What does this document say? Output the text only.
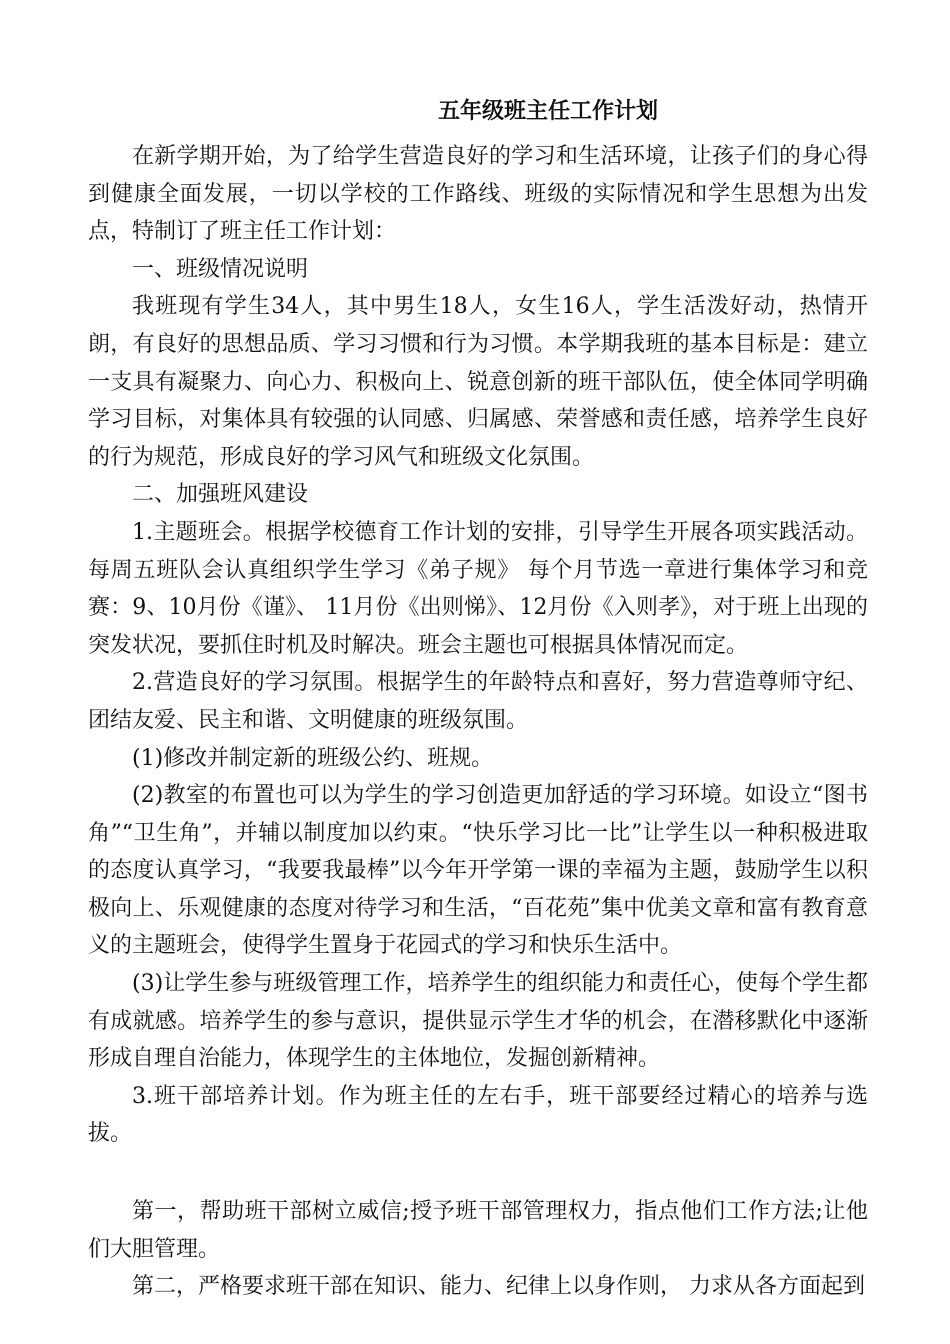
五年级班主任工作计划

在新学期开始，为了给学生营造良好的学习和生活环境，让孩子们的身心得到健康全面发展，一切以学校的工作路线、班级的实际情况和学生思想为出发点，特制订了班主任工作计划：

一、班级情况说明

我班现有学生34人，其中男生18人，女生16人，学生活泼好动，热情开朗，有良好的思想品质、学习习惯和行为习惯。本学期我班的基本目标是：建立一支具有凝聚力、向心力、积极向上、锐意创新的班干部队伍，使全体同学明确学习目标，对集体具有较强的认同感、归属感、荣誉感和责任感，培养学生良好的行为规范，形成良好的学习风气和班级文化氛围。

二、加强班风建设

1.主题班会。根据学校德育工作计划的安排，引导学生开展各项实践活动。每周五班队会认真组织学生学习《弟子规》 每个月节选一章进行集体学习和竞赛：9、10月份《谨》、 11月份《出则悌》、12月份《入则孝》，对于班上出现的突发状况，要抓住时机及时解决。班会主题也可根据具体情况而定。

2.营造良好的学习氛围。根据学生的年龄特点和喜好，努力营造尊师守纪、团结友爱、民主和谐、文明健康的班级氛围。

(1)修改并制定新的班级公约、班规。

(2)教室的布置也可以为学生的学习创造更加舒适的学习环境。如设立“图书角”“卫生角”，并辅以制度加以约束。“快乐学习比一比”让学生以一种积极进取的态度认真学习，“我要我最棒”以今年开学第一课的幸福为主题，鼓励学生以积极向上、乐观健康的态度对待学习和生活，“百花苑”集中优美文章和富有教育意义的主题班会，使得学生置身于花园式的学习和快乐生活中。

(3)让学生参与班级管理工作，培养学生的组织能力和责任心，使每个学生都有成就感。培养学生的参与意识，提供显示学生才华的机会，在潜移默化中逐渐形成自理自治能力，体现学生的主体地位，发掘创新精神。

3.班干部培养计划。作为班主任的左右手，班干部要经过精心的培养与选拔。

第一，帮助班干部树立威信;授予班干部管理权力，指点他们工作方法;让他们大胆管理。

第二，严格要求班干部在知识、能力、纪律上以身作则， 力求从各方面起到
